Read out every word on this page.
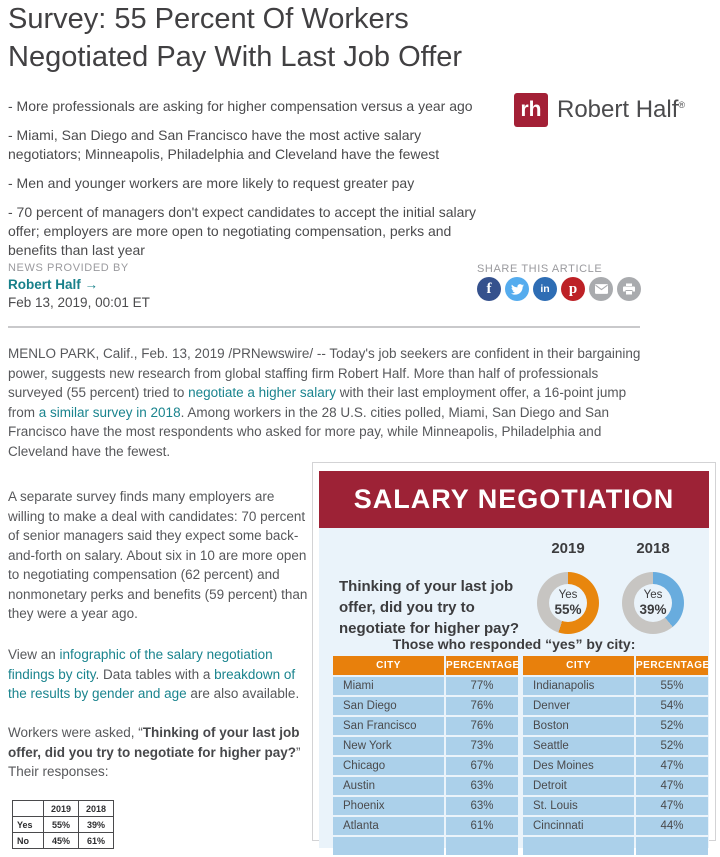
Survey: 55 Percent Of Workers Negotiated Pay With Last Job Offer
- More professionals are asking for higher compensation versus a year ago
- Miami, San Diego and San Francisco have the most active salary negotiators; Minneapolis, Philadelphia and Cleveland have the fewest
- Men and younger workers are more likely to request greater pay
- 70 percent of managers don't expect candidates to accept the initial salary offer; employers are more open to negotiating compensation, perks and benefits than last year
rh Robert Half®
NEWS PROVIDED BY
Robert Half →
Feb 13, 2019, 00:01 ET
SHARE THIS ARTICLE
f	in p

MENLO PARK, Calif., Feb. 13, 2019 /PRNewswire/ -- Today's job seekers are confident in their bargaining power, suggests new research from global staffing firm Robert Half. More than half of professionals surveyed (55 percent) tried to negotiate a higher salary with their last employment offer, a 16-point jump from a similar survey in 2018. Among workers in the 28 U.S. cities polled, Miami, San Diego and San Francisco have the most respondents who asked for more pay, while Minneapolis, Philadelphia and Cleveland have the fewest.

A separate survey finds many employers are willing to make a deal with candidates: 70 percent of senior managers said they expect some back-and-forth on salary. About six in 10 are more open to negotiating compensation (62 percent) and nonmonetary perks and benefits (59 percent) than they were a year ago.

View an infographic of the salary negotiation findings by city. Data tables with a breakdown of the results by gender and age are also available.

Workers were asked, “Thinking of your last job offer, did you try to negotiate for higher pay?” Their responses:

	2019	2018
Yes	55%	39%
No	45%	61%
SALARY NEGOTIATION
Thinking of your last job offer, did you try to negotiate for higher pay?
2019	2018
Yes
55%
Yes
39%
Those who responded “yes” by city:
CITY	PERCENTAGE
Miami	77%
San Diego	76%
San Francisco	76%
New York	73%
Chicago	67%
Austin	63%
Phoenix	63%
Atlanta	61%
CITY	PERCENTAGE
Indianapolis	55%
Denver	54%
Boston	52%
Seattle	52%
Des Moines	47%
Detroit	47%
St. Louis	47%
Cincinnati	44%
